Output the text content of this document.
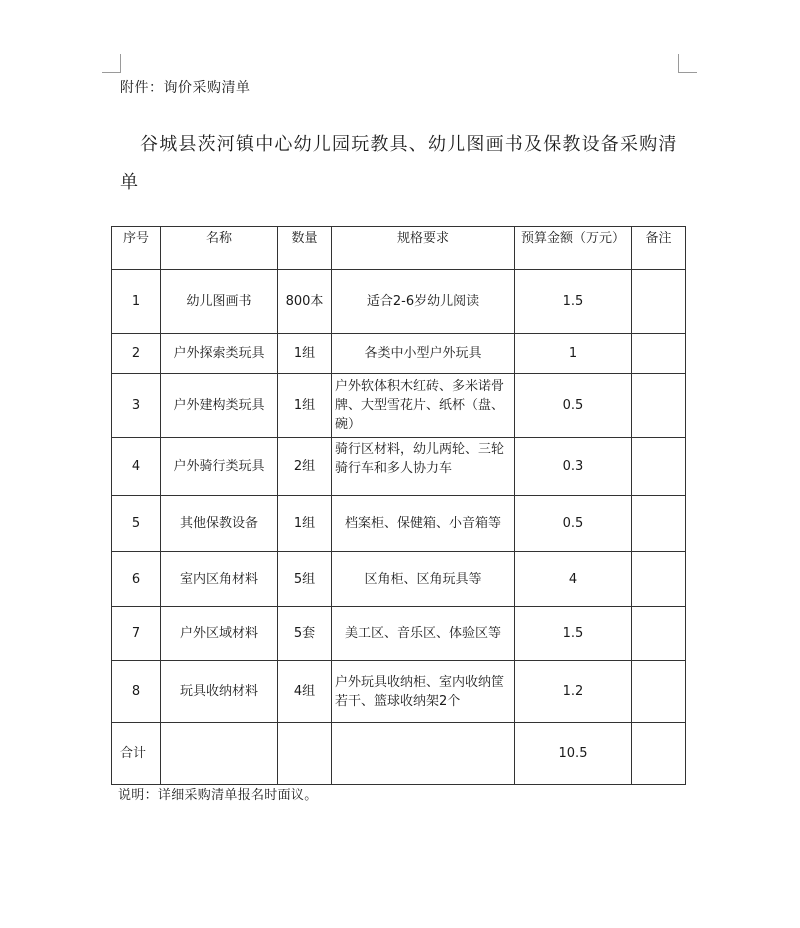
附件：询价采购清单
谷城县茨河镇中心幼儿园玩教具、幼儿图画书及保教设备采购清单
序号	名称	数量	规格要求	预算金额（万元）	备注
1	幼儿图画书	800本	适合2-6岁幼儿阅读	1.5	
2	户外探索类玩具	1组	各类中小型户外玩具	1	
3	户外建构类玩具	1组	户外软体积木红砖、多米诺骨牌、大型雪花片、纸杯（盘、碗）	0.5	
4	户外骑行类玩具	2组	骑行区材料，幼儿两轮、三轮骑行车和多人协力车	0.3	
5	其他保教设备	1组	档案柜、保健箱、小音箱等	0.5	
6	室内区角材料	5组	区角柜、区角玩具等	4	
7	户外区域材料	5套	美工区、音乐区、体验区等	1.5	
8	玩具收纳材料	4组	户外玩具收纳柜、室内收纳筐若干、篮球收纳架2个	1.2	
合计				10.5	
说明：详细采购清单报名时面议。
